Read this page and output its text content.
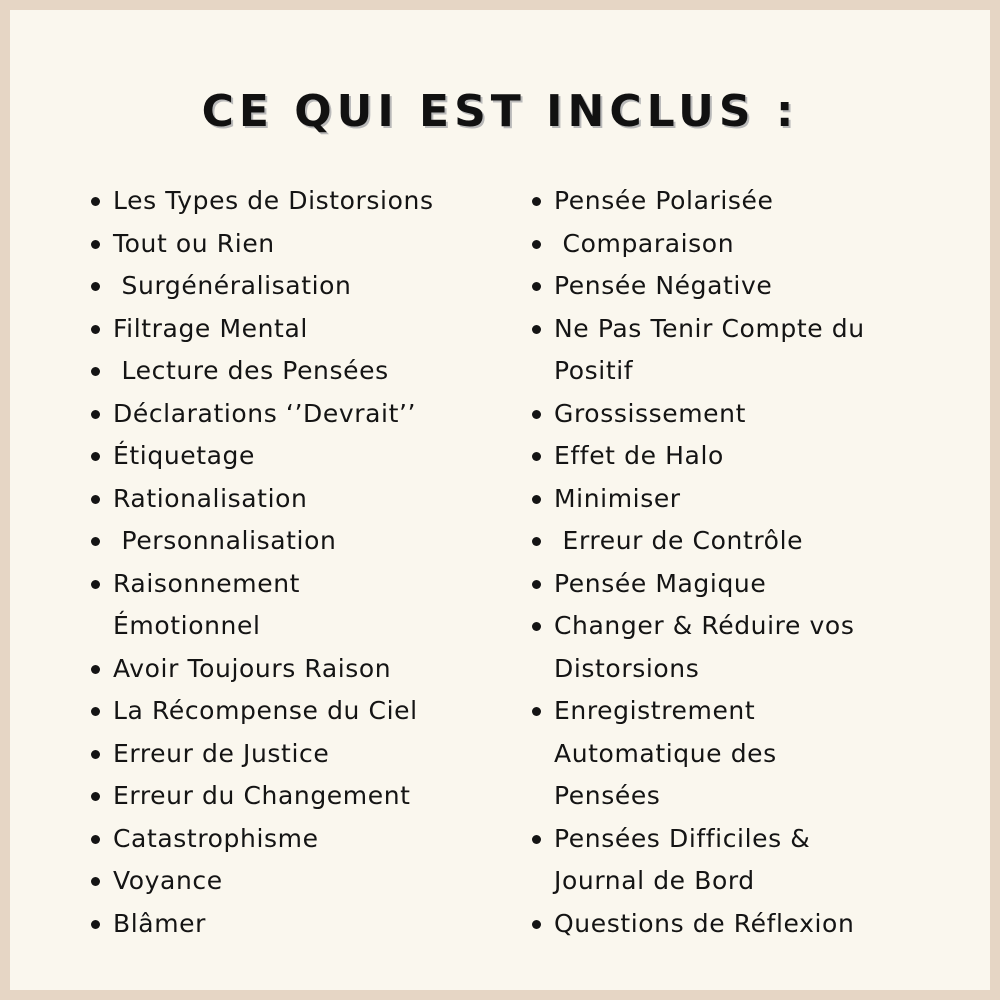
CE QUI EST INCLUS :
Les Types de Distorsions
Tout ou Rien
Surgénéralisation
Filtrage Mental
Lecture des Pensées
Déclarations ‘’Devrait’’
Étiquetage
Rationalisation
Personnalisation
Raisonnement
Émotionnel
Avoir Toujours Raison
La Récompense du Ciel
Erreur de Justice
Erreur du Changement
Catastrophisme
Voyance
Blâmer
Pensée Polarisée
Comparaison
Pensée Négative
Ne Pas Tenir Compte du
Positif
Grossissement
Effet de Halo
Minimiser
Erreur de Contrôle
Pensée Magique
Changer & Réduire vos
Distorsions
Enregistrement
Automatique des
Pensées
Pensées Difficiles &
Journal de Bord
Questions de Réflexion
